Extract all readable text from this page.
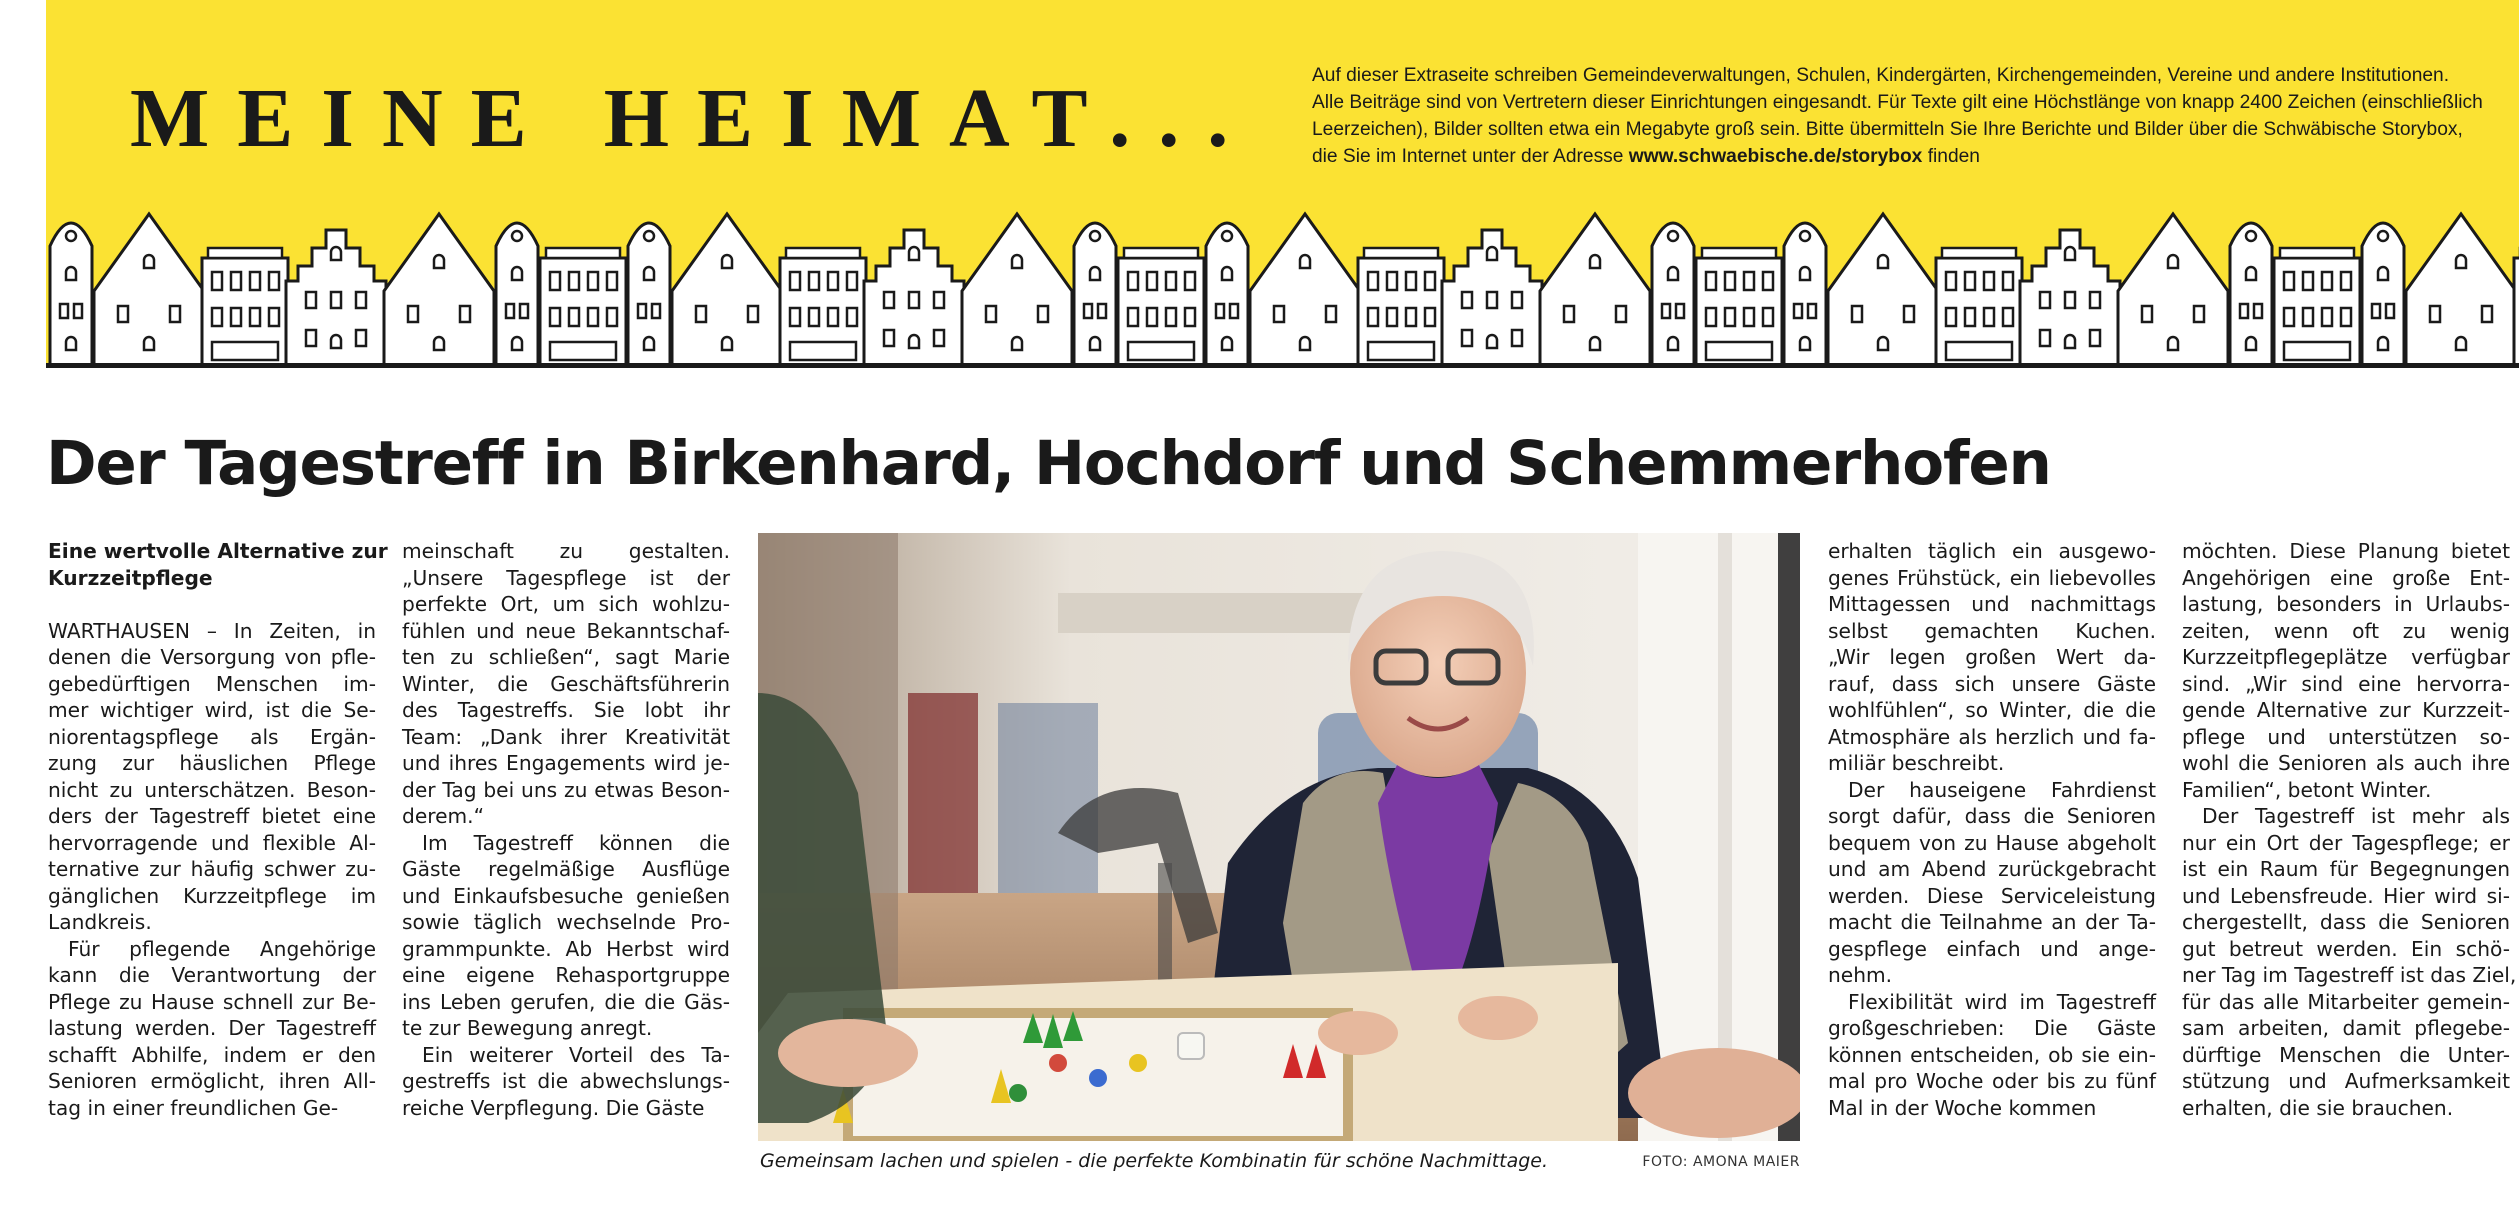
MEINE HEIMAT...	Auf dieser Extraseite schreiben Gemeindeverwaltungen, Schulen, Kindergärten, Kirchengemeinden, Vereine und andere Institutionen.
Alle Beiträge sind von Vertretern dieser Einrichtungen eingesandt. Für Texte gilt eine Höchstlänge von knapp 2400 Zeichen (einschließlich
Leerzeichen), Bilder sollten etwa ein Megabyte groß sein. Bitte übermitteln Sie Ihre Berichte und Bilder über die Schwäbische Storybox,
die Sie im Internet unter der Adresse www.schwaebische.de/storybox finden
Der Tagestreff in Birkenhard, Hochdorf und Schemmerhofen
Eine wertvolle Alternative zur
Kurzzeitpflege
WARTHAUSEN – In Zeiten, in
denen die Versorgung von pfle-
gebedürftigen Menschen im-
mer wichtiger wird, ist die Se-
niorentagspflege als Ergän-
zung zur häuslichen Pflege
nicht zu unterschätzen. Beson-
ders der Tagestreff bietet eine
hervorragende und flexible Al-
ternative zur häufig schwer zu-
gänglichen Kurzzeitpflege im
Landkreis.
Für pflegende Angehörige
kann die Verantwortung der
Pflege zu Hause schnell zur Be-
lastung werden. Der Tagestreff
schafft Abhilfe, indem er den
Senioren ermöglicht, ihren All-
tag in einer freundlichen Ge-
meinschaft zu gestalten.
„Unsere Tagespflege ist der
perfekte Ort, um sich wohlzu-
fühlen und neue Bekanntschaf-
ten zu schließen“, sagt Marie
Winter, die Geschäftsführerin
des Tagestreffs. Sie lobt ihr
Team: „Dank ihrer Kreativität
und ihres Engagements wird je-
der Tag bei uns zu etwas Beson-
derem.“
Im Tagestreff können die
Gäste regelmäßige Ausflüge
und Einkaufsbesuche genießen
sowie täglich wechselnde Pro-
grammpunkte. Ab Herbst wird
eine eigene Rehasportgruppe
ins Leben gerufen, die die Gäs-
te zur Bewegung anregt.
Ein weiterer Vorteil des Ta-
gestreffs ist die abwechslungs-
reiche Verpflegung. Die Gäste
Gemeinsam lachen und spielen - die perfekte Kombinatin für schöne Nachmittage.	FOTO: AMONA MAIER
erhalten täglich ein ausgewo-
genes Frühstück, ein liebevolles
Mittagessen und nachmittags
selbst gemachten Kuchen.
„Wir legen großen Wert da-
rauf, dass sich unsere Gäste
wohlfühlen“, so Winter, die die
Atmosphäre als herzlich und fa-
miliär beschreibt.
Der hauseigene Fahrdienst
sorgt dafür, dass die Senioren
bequem von zu Hause abgeholt
und am Abend zurückgebracht
werden. Diese Serviceleistung
macht die Teilnahme an der Ta-
gespflege einfach und ange-
nehm.
Flexibilität wird im Tagestreff
großgeschrieben: Die Gäste
können entscheiden, ob sie ein-
mal pro Woche oder bis zu fünf
Mal in der Woche kommen
möchten. Diese Planung bietet
Angehörigen eine große Ent-
lastung, besonders in Urlaubs-
zeiten, wenn oft zu wenig
Kurzzeitpflegeplätze verfügbar
sind. „Wir sind eine hervorra-
gende Alternative zur Kurzzeit-
pflege und unterstützen so-
wohl die Senioren als auch ihre
Familien“, betont Winter.
Der Tagestreff ist mehr als
nur ein Ort der Tagespflege; er
ist ein Raum für Begegnungen
und Lebensfreude. Hier wird si-
chergestellt, dass die Senioren
gut betreut werden. Ein schö-
ner Tag im Tagestreff ist das Ziel,
für das alle Mitarbeiter gemein-
sam arbeiten, damit pflegebe-
dürftige Menschen die Unter-
stützung und Aufmerksamkeit
erhalten, die sie brauchen.
